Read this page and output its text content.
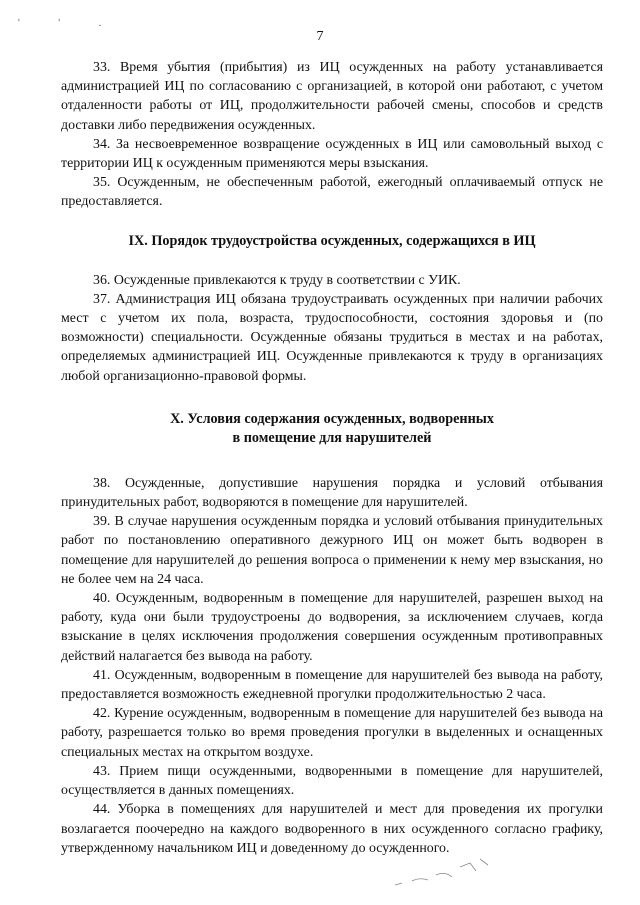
' ' .
7

33. Время убытия (прибытия) из ИЦ осужденных на работу устанавливается администрацией ИЦ по согласованию с организацией, в которой они работают, с учетом отдаленности работы от ИЦ, продолжительности рабочей смены, способов и средств доставки либо передвижения осужденных.

34. За несвоевременное возвращение осужденных в ИЦ или самовольный выход с территории ИЦ к осужденным применяются меры взыскания.

35. Осужденным, не обеспеченным работой, ежегодный оплачиваемый отпуск не предоставляется.

IX. Порядок трудоустройства осужденных, содержащихся в ИЦ

36. Осужденные привлекаются к труду в соответствии с УИК.

37. Администрация ИЦ обязана трудоустраивать осужденных при наличии рабочих мест с учетом их пола, возраста, трудоспособности, состояния здоровья и (по возможности) специальности. Осужденные обязаны трудиться в местах и на работах, определяемых администрацией ИЦ. Осужденные привлекаются к труду в организациях любой организационно-правовой формы.

X. Условия содержания осужденных, водворенных
в помещение для нарушителей

38. Осужденные, допустившие нарушения порядка и условий отбывания принудительных работ, водворяются в помещение для нарушителей.

39. В случае нарушения осужденным порядка и условий отбывания принудительных работ по постановлению оперативного дежурного ИЦ он может быть водворен в помещение для нарушителей до решения вопроса о применении к нему мер взыскания, но не более чем на 24 часа.

40. Осужденным, водворенным в помещение для нарушителей, разрешен выход на работу, куда они были трудоустроены до водворения, за исключением случаев, когда взыскание в целях исключения продолжения совершения осужденным противоправных действий налагается без вывода на работу.

41. Осужденным, водворенным в помещение для нарушителей без вывода на работу, предоставляется возможность ежедневной прогулки продолжительностью 2 часа.

42. Курение осужденным, водворенным в помещение для нарушителей без вывода на работу, разрешается только во время проведения прогулки в выделенных и оснащенных специальных местах на открытом воздухе.

43. Прием пищи осужденными, водворенными в помещение для нарушителей, осуществляется в данных помещениях.

44. Уборка в помещениях для нарушителей и мест для проведения их прогулки возлагается поочередно на каждого водворенного в них осужденного согласно графику, утвержденному начальником ИЦ и доведенному до осужденного.
